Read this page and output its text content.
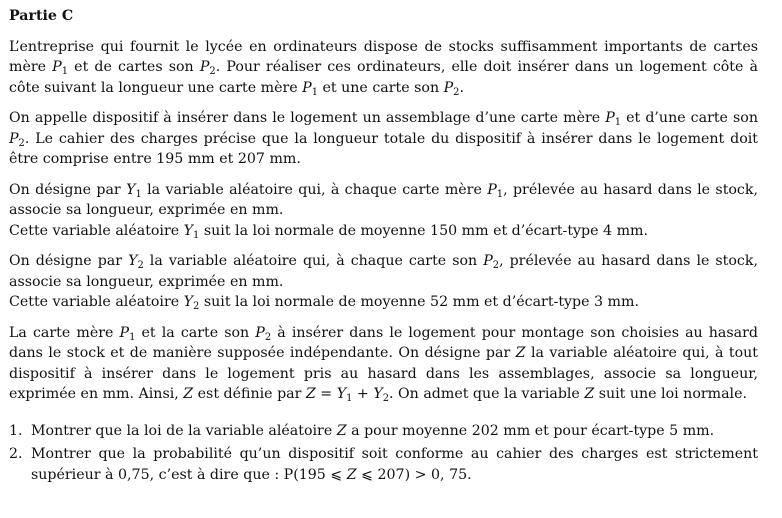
Partie C

L’entreprise qui fournit le lycée en ordinateurs dispose de stocks suffisamment importants de cartes mère $P_1$ et de cartes son $P_2$. Pour réaliser ces ordinateurs, elle doit insérer dans un logement côte à côte suivant la longueur une carte mère $P_1$ et une carte son $P_2$.

On appelle dispositif à insérer dans le logement un assemblage d’une carte mère $P_1$ et d’une carte son $P_2$. Le cahier des charges précise que la longueur totale du dispositif à insérer dans le logement doit être comprise entre 195 mm et 207 mm.

On désigne par $Y_1$ la variable aléatoire qui, à chaque carte mère $P_1$, prélevée au hasard dans le stock, associe sa longueur, exprimée en mm.
Cette variable aléatoire $Y_1$ suit la loi normale de moyenne 150 mm et d’écart-type 4 mm.

On désigne par $Y_2$ la variable aléatoire qui, à chaque carte son $P_2$, prélevée au hasard dans le stock, associe sa longueur, exprimée en mm.
Cette variable aléatoire $Y_2$ suit la loi normale de moyenne 52 mm et d’écart-type 3 mm.

La carte mère $P_1$ et la carte son $P_2$ à insérer dans le logement pour montage son choisies au hasard dans le stock et de manière supposée indépendante. On désigne par Z la variable aléatoire qui, à tout dispositif à insérer dans le logement pris au hasard dans les assemblages, associe sa longueur, exprimée en mm. Ainsi, Z est définie par $Z = Y_1 + Y_2$. On admet que la variable Z suit une loi normale.

1. Montrer que la loi de la variable aléatoire Z a pour moyenne 202 mm et pour écart-type 5 mm.
2. Montrer que la probabilité qu’un dispositif soit conforme au cahier des charges est strictement supérieur à 0,75, c’est à dire que : P(195 ⩽ Z ⩽ 207) > 0, 75.
